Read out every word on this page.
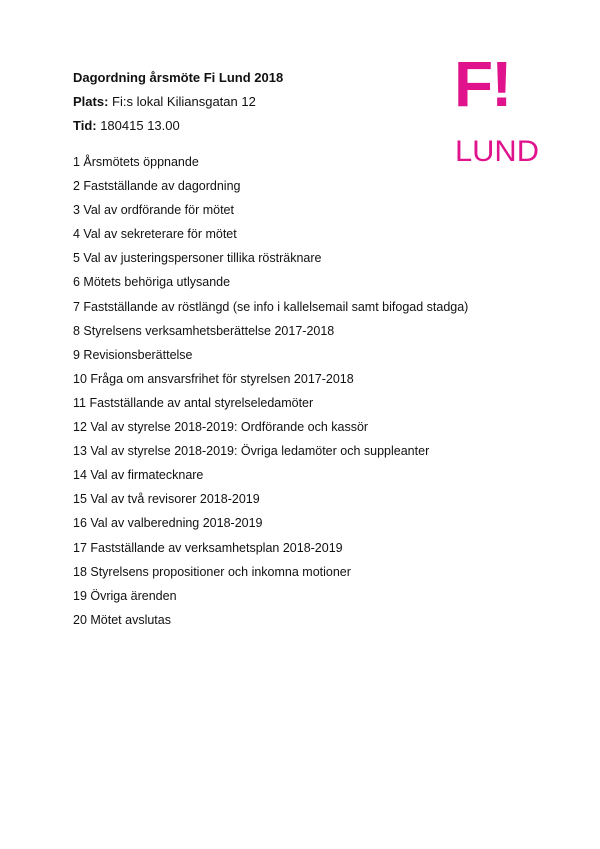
Dagordning årsmöte Fi Lund 2018
Plats: Fi:s lokal Kiliansgatan 12
Tid: 180415 13.00
F!
LUND
1 Årsmötets öppnande
2 Fastställande av dagordning
3 Val av ordförande för mötet
4 Val av sekreterare för mötet
5 Val av justeringspersoner tillika rösträknare
6 Mötets behöriga utlysande
7 Fastställande av röstlängd (se info i kallelsemail samt bifogad stadga)
8 Styrelsens verksamhetsberättelse 2017-2018
9 Revisionsberättelse
10 Fråga om ansvarsfrihet för styrelsen 2017-2018
11 Fastställande av antal styrelseledamöter
12 Val av styrelse 2018-2019: Ordförande och kassör
13 Val av styrelse 2018-2019: Övriga ledamöter och suppleanter
14 Val av firmatecknare
15 Val av två revisorer 2018-2019
16 Val av valberedning 2018-2019
17 Fastställande av verksamhetsplan 2018-2019
18 Styrelsens propositioner och inkomna motioner
19 Övriga ärenden
20 Mötet avslutas
